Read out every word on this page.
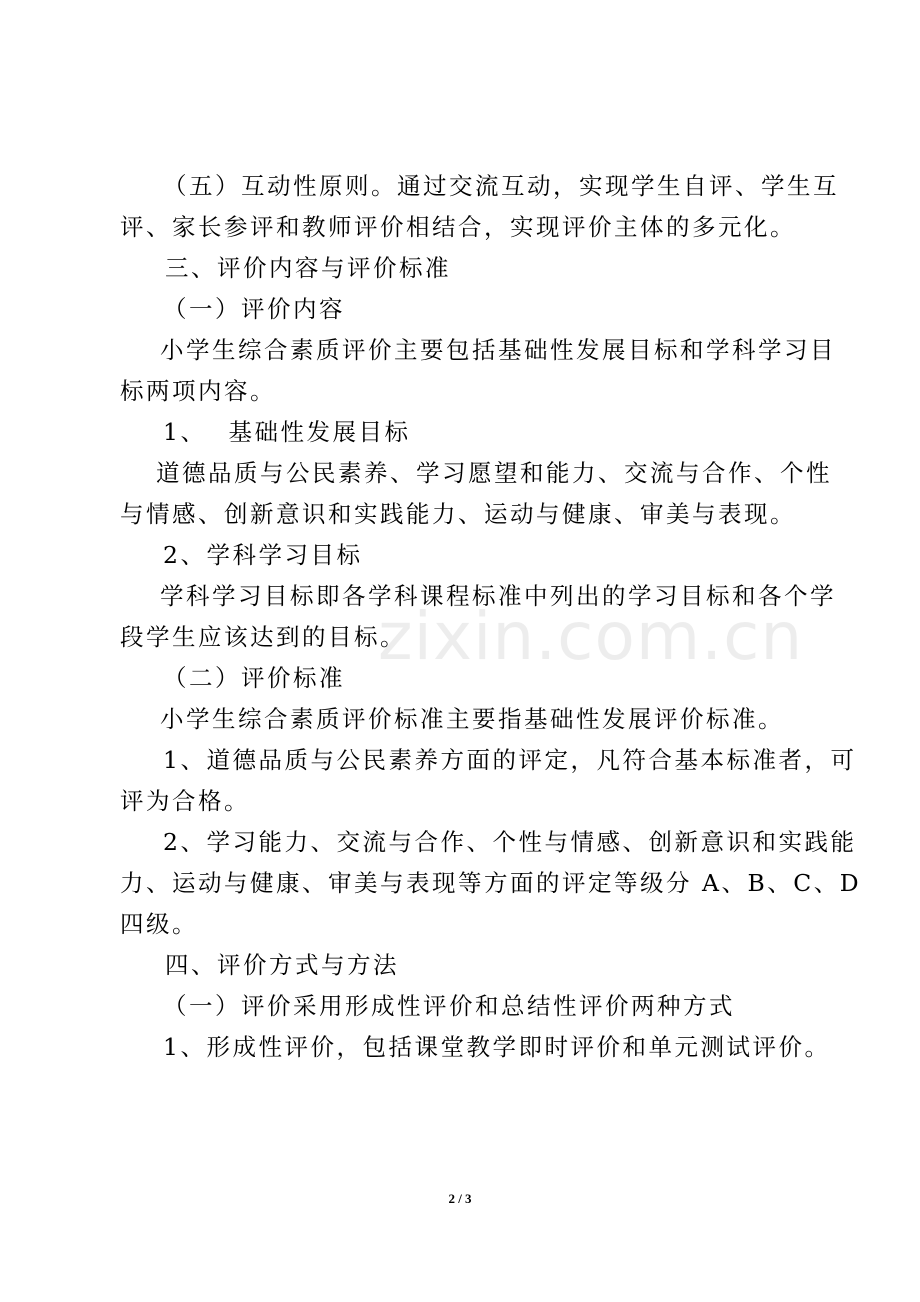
zixin.com.cn
（五）互动性原则。通过交流互动，实现学生自评、学生互
评、家长参评和教师评价相结合，实现评价主体的多元化。
三、评价内容与评价标准
（一）评价内容
小学生综合素质评价主要包括基础性发展目标和学科学习目
标两项内容。
1、 基础性发展目标
道德品质与公民素养、学习愿望和能力、交流与合作、个性
与情感、创新意识和实践能力、运动与健康、审美与表现。
2、学科学习目标
学科学习目标即各学科课程标准中列出的学习目标和各个学
段学生应该达到的目标。
（二）评价标准
小学生综合素质评价标准主要指基础性发展评价标准。
1、道德品质与公民素养方面的评定，凡符合基本标准者，可
评为合格。
2、学习能力、交流与合作、个性与情感、创新意识和实践能
力、运动与健康、审美与表现等方面的评定等级分 A、B、C、D
四级。
四、评价方式与方法
（一）评价采用形成性评价和总结性评价两种方式
1、形成性评价，包括课堂教学即时评价和单元测试评价。
2 / 3
